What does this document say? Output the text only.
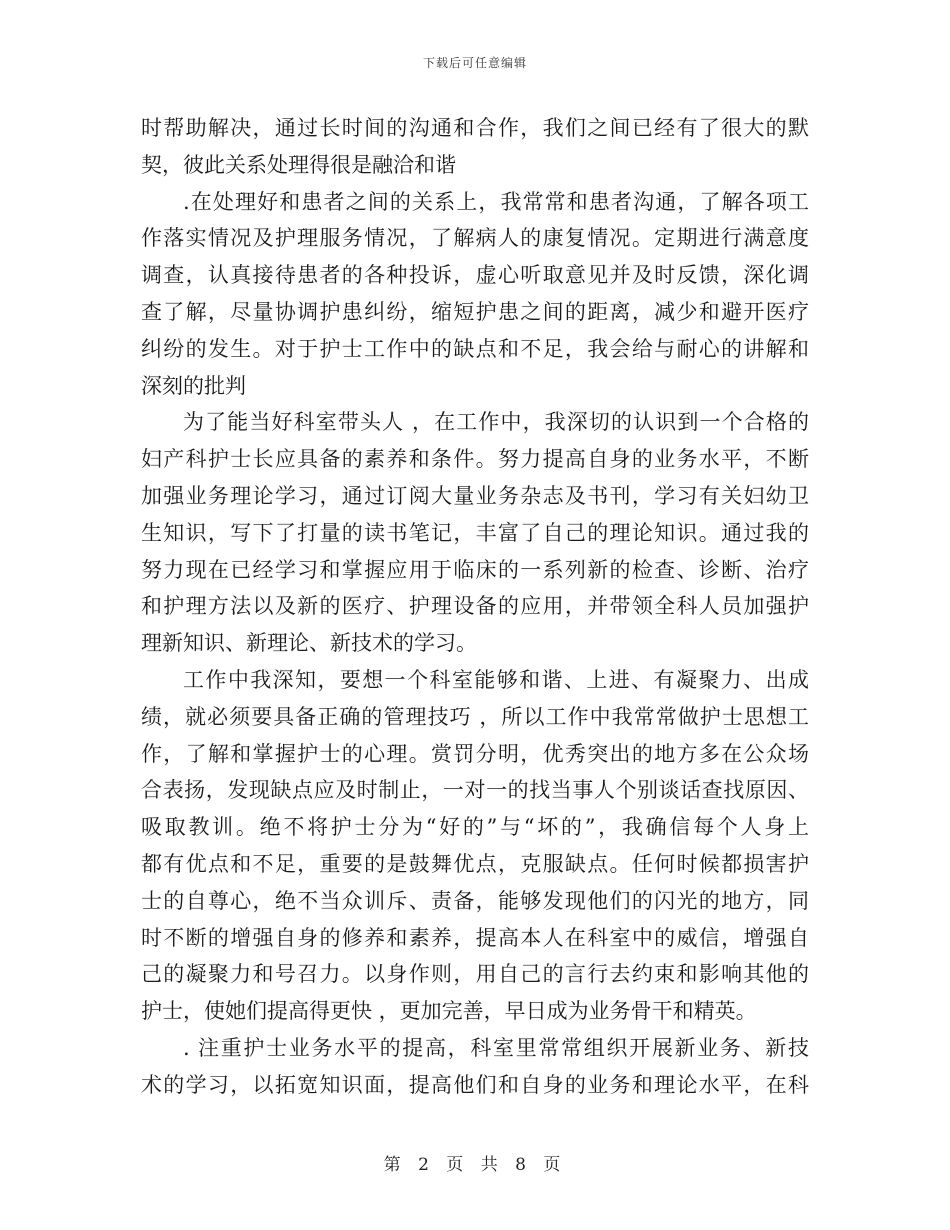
下载后可任意编辑
时帮助解决，通过长时间的沟通和合作，我们之间已经有了很大的默
契，彼此关系处理得很是融洽和谐
.在处理好和患者之间的关系上，我常常和患者沟通，了解各项工
作落实情况及护理服务情况，了解病人的康复情况。定期进行满意度
调查，认真接待患者的各种投诉，虚心听取意见并及时反馈，深化调
查了解，尽量协调护患纠纷，缩短护患之间的距离，减少和避开医疗
纠纷的发生。对于护士工作中的缺点和不足，我会给与耐心的讲解和
深刻的批判
为了能当好科室带头人 ，在工作中，我深切的认识到一个合格的
妇产科护士长应具备的素养和条件。努力提高自身的业务水平，不断
加强业务理论学习，通过订阅大量业务杂志及书刊，学习有关妇幼卫
生知识，写下了打量的读书笔记，丰富了自己的理论知识。通过我的
努力现在已经学习和掌握应用于临床的一系列新的检查、诊断、治疗
和护理方法以及新的医疗、护理设备的应用，并带领全科人员加强护
理新知识、新理论、新技术的学习。
工作中我深知，要想一个科室能够和谐、上进、有凝聚力、出成
绩，就必须要具备正确的管理技巧 ，所以工作中我常常做护士思想工
作，了解和掌握护士的心理。赏罚分明，优秀突出的地方多在公众场
合表扬，发现缺点应及时制止，一对一的找当事人个别谈话查找原因、
吸取教训。绝不将护士分为“好的”与“坏的”，我确信每个人身上
都有优点和不足，重要的是鼓舞优点，克服缺点。任何时候都损害护
士的自尊心，绝不当众训斥、责备，能够发现他们的闪光的地方，同
时不断的增强自身的修养和素养，提高本人在科室中的威信，增强自
己的凝聚力和号召力。以身作则，用自己的言行去约束和影响其他的
护士，使她们提高得更快 ，更加完善，早日成为业务骨干和精英。
. 注重护士业务水平的提高，科室里常常组织开展新业务、新技
术的学习，以拓宽知识面，提高他们和自身的业务和理论水平，在科
第 2 页 共 8 页
